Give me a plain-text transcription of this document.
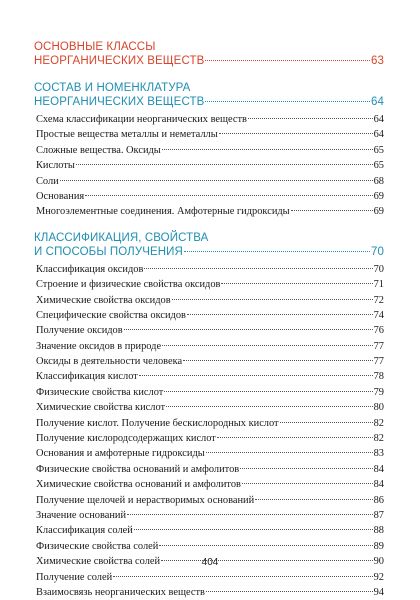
ОСНОВНЫЕ КЛАССЫ
НЕОРГАНИЧЕСКИХ ВЕЩЕСТВ	63
СОСТАВ И НОМЕНКЛАТУРА
НЕОРГАНИЧЕСКИХ ВЕЩЕСТВ	64
Схема классификации неорганических веществ	64
Простые вещества металлы и неметаллы	64
Сложные вещества. Оксиды	65
Кислоты	65
Соли	68
Основания	69
Многоэлементные соединения. Амфотерные гидроксиды	69
КЛАССИФИКАЦИЯ, СВОЙСТВА
И СПОСОБЫ ПОЛУЧЕНИЯ	70
Классификация оксидов	70
Строение и физические свойства оксидов	71
Химические свойства оксидов	72
Специфические свойства оксидов	74
Получение оксидов	76
Значение оксидов в природе	77
Оксиды в деятельности человека	77
Классификация кислот	78
Физические свойства кислот	79
Химические свойства кислот	80
Получение кислот. Получение бескислородных кислот	82
Получение кислородсодержащих кислот	82
Основания и амфотерные гидроксиды	83
Физические свойства оснований и амфолитов	84
Химические свойства оснований и амфолитов	84
Получение щелочей и нерастворимых оснований	86
Значение оснований	87
Классификация солей	88
Физические свойства солей	89
Химические свойства солей	90
Получение солей	92
Взаимосвязь неорганических веществ	94
404
